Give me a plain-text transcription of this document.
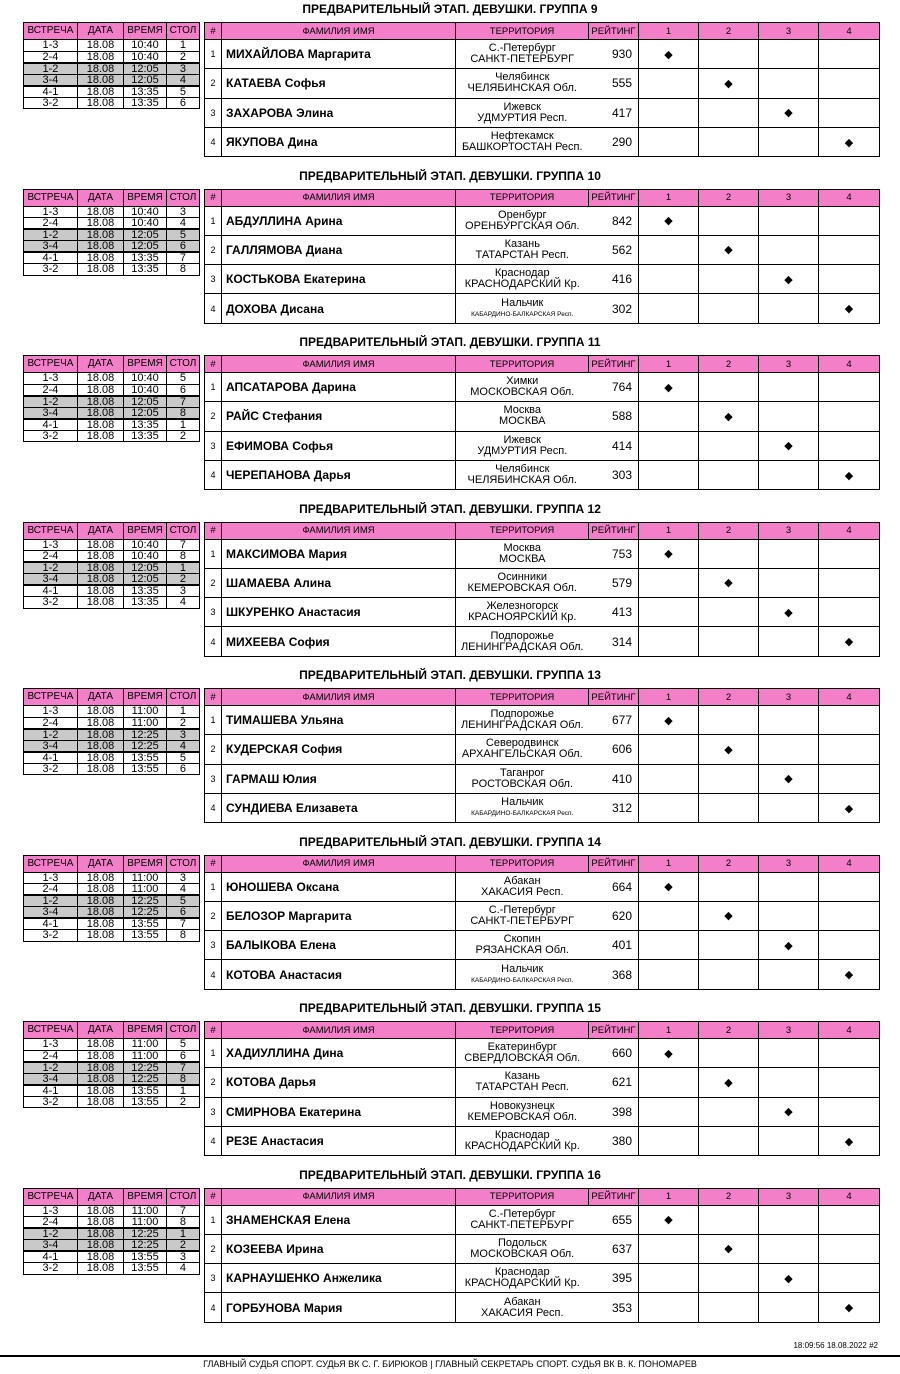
ПРЕДВАРИТЕЛЬНЫЙ ЭТАП. ДЕВУШКИ. ГРУППА 9
ВСТРЕЧА	ДАТА	ВРЕМЯ	СТОЛ
1-3	18.08	10:40	1
2-4	18.08	10:40	2
1-2	18.08	12:05	3
3-4	18.08	12:05	4
4-1	18.08	13:35	5
3-2	18.08	13:35	6
#	ФАМИЛИЯ ИМЯ	ТЕРРИТОРИЯ	РЕЙТИНГ	1	2	3	4
1	МИХАЙЛОВА Маргарита	С.-Петербург
САНКТ-ПЕТЕРБУРГ	930	◆			
2	КАТАЕВА Софья	Челябинск
ЧЕЛЯБИНСКАЯ Обл.	555		◆		
3	ЗАХАРОВА Элина	Ижевск
УДМУРТИЯ Респ.	417			◆	
4	ЯКУПОВА Дина	Нефтекамск
БАШКОРТОСТАН Респ.	290				◆
ПРЕДВАРИТЕЛЬНЫЙ ЭТАП. ДЕВУШКИ. ГРУППА 10
ВСТРЕЧА	ДАТА	ВРЕМЯ	СТОЛ
1-3	18.08	10:40	3
2-4	18.08	10:40	4
1-2	18.08	12:05	5
3-4	18.08	12:05	6
4-1	18.08	13:35	7
3-2	18.08	13:35	8
#	ФАМИЛИЯ ИМЯ	ТЕРРИТОРИЯ	РЕЙТИНГ	1	2	3	4
1	АБДУЛЛИНА Арина	Оренбург
ОРЕНБУРГСКАЯ Обл.	842	◆			
2	ГАЛЛЯМОВА Диана	Казань
ТАТАРСТАН Респ.	562		◆		
3	КОСТЬКОВА Екатерина	Краснодар
КРАСНОДАРСКИЙ Кр.	416			◆	
4	ДОХОВА Дисана	Нальчик
КАБАРДИНО-БАЛКАРСКАЯ Респ.	302				◆
ПРЕДВАРИТЕЛЬНЫЙ ЭТАП. ДЕВУШКИ. ГРУППА 11
ВСТРЕЧА	ДАТА	ВРЕМЯ	СТОЛ
1-3	18.08	10:40	5
2-4	18.08	10:40	6
1-2	18.08	12:05	7
3-4	18.08	12:05	8
4-1	18.08	13:35	1
3-2	18.08	13:35	2
#	ФАМИЛИЯ ИМЯ	ТЕРРИТОРИЯ	РЕЙТИНГ	1	2	3	4
1	АПСАТАРОВА Дарина	Химки
МОСКОВСКАЯ Обл.	764	◆			
2	РАЙС Стефания	Москва
МОСКВА	588		◆		
3	ЕФИМОВА Софья	Ижевск
УДМУРТИЯ Респ.	414			◆	
4	ЧЕРЕПАНОВА Дарья	Челябинск
ЧЕЛЯБИНСКАЯ Обл.	303				◆
ПРЕДВАРИТЕЛЬНЫЙ ЭТАП. ДЕВУШКИ. ГРУППА 12
ВСТРЕЧА	ДАТА	ВРЕМЯ	СТОЛ
1-3	18.08	10:40	7
2-4	18.08	10:40	8
1-2	18.08	12:05	1
3-4	18.08	12:05	2
4-1	18.08	13:35	3
3-2	18.08	13:35	4
#	ФАМИЛИЯ ИМЯ	ТЕРРИТОРИЯ	РЕЙТИНГ	1	2	3	4
1	МАКСИМОВА Мария	Москва
МОСКВА	753	◆			
2	ШАМАЕВА Алина	Осинники
КЕМЕРОВСКАЯ Обл.	579		◆		
3	ШКУРЕНКО Анастасия	Железногорск
КРАСНОЯРСКИЙ Кр.	413			◆	
4	МИХЕЕВА София	Подпорожье
ЛЕНИНГРАДСКАЯ Обл.	314				◆
ПРЕДВАРИТЕЛЬНЫЙ ЭТАП. ДЕВУШКИ. ГРУППА 13
ВСТРЕЧА	ДАТА	ВРЕМЯ	СТОЛ
1-3	18.08	11:00	1
2-4	18.08	11:00	2
1-2	18.08	12:25	3
3-4	18.08	12:25	4
4-1	18.08	13:55	5
3-2	18.08	13:55	6
#	ФАМИЛИЯ ИМЯ	ТЕРРИТОРИЯ	РЕЙТИНГ	1	2	3	4
1	ТИМАШЕВА Ульяна	Подпорожье
ЛЕНИНГРАДСКАЯ Обл.	677	◆			
2	КУДЕРСКАЯ София	Северодвинск
АРХАНГЕЛЬСКАЯ Обл.	606		◆		
3	ГАРМАШ Юлия	Таганрог
РОСТОВСКАЯ Обл.	410			◆	
4	СУНДИЕВА Елизавета	Нальчик
КАБАРДИНО-БАЛКАРСКАЯ Респ.	312				◆
ПРЕДВАРИТЕЛЬНЫЙ ЭТАП. ДЕВУШКИ. ГРУППА 14
ВСТРЕЧА	ДАТА	ВРЕМЯ	СТОЛ
1-3	18.08	11:00	3
2-4	18.08	11:00	4
1-2	18.08	12:25	5
3-4	18.08	12:25	6
4-1	18.08	13:55	7
3-2	18.08	13:55	8
#	ФАМИЛИЯ ИМЯ	ТЕРРИТОРИЯ	РЕЙТИНГ	1	2	3	4
1	ЮНОШЕВА Оксана	Абакан
ХАКАСИЯ Респ.	664	◆			
2	БЕЛОЗОР Маргарита	С.-Петербург
САНКТ-ПЕТЕРБУРГ	620		◆		
3	БАЛЫКОВА Елена	Скопин
РЯЗАНСКАЯ Обл.	401			◆	
4	КОТОВА Анастасия	Нальчик
КАБАРДИНО-БАЛКАРСКАЯ Респ.	368				◆
ПРЕДВАРИТЕЛЬНЫЙ ЭТАП. ДЕВУШКИ. ГРУППА 15
ВСТРЕЧА	ДАТА	ВРЕМЯ	СТОЛ
1-3	18.08	11:00	5
2-4	18.08	11:00	6
1-2	18.08	12:25	7
3-4	18.08	12:25	8
4-1	18.08	13:55	1
3-2	18.08	13:55	2
#	ФАМИЛИЯ ИМЯ	ТЕРРИТОРИЯ	РЕЙТИНГ	1	2	3	4
1	ХАДИУЛЛИНА Дина	Екатеринбург
СВЕРДЛОВСКАЯ Обл.	660	◆			
2	КОТОВА Дарья	Казань
ТАТАРСТАН Респ.	621		◆		
3	СМИРНОВА Екатерина	Новокузнецк
КЕМЕРОВСКАЯ Обл.	398			◆	
4	РЕЗЕ Анастасия	Краснодар
КРАСНОДАРСКИЙ Кр.	380				◆
ПРЕДВАРИТЕЛЬНЫЙ ЭТАП. ДЕВУШКИ. ГРУППА 16
ВСТРЕЧА	ДАТА	ВРЕМЯ	СТОЛ
1-3	18.08	11:00	7
2-4	18.08	11:00	8
1-2	18.08	12:25	1
3-4	18.08	12:25	2
4-1	18.08	13:55	3
3-2	18.08	13:55	4
#	ФАМИЛИЯ ИМЯ	ТЕРРИТОРИЯ	РЕЙТИНГ	1	2	3	4
1	ЗНАМЕНСКАЯ Елена	С.-Петербург
САНКТ-ПЕТЕРБУРГ	655	◆			
2	КОЗЕЕВА Ирина	Подольск
МОСКОВСКАЯ Обл.	637		◆		
3	КАРНАУШЕНКО Анжелика	Краснодар
КРАСНОДАРСКИЙ Кр.	395			◆	
4	ГОРБУНОВА Мария	Абакан
ХАКАСИЯ Респ.	353				◆
18:09:56 18.08.2022 #2
ГЛАВНЫЙ СУДЬЯ СПОРТ. СУДЬЯ ВК С. Г. БИРЮКОВ | ГЛАВНЫЙ СЕКРЕТАРЬ СПОРТ. СУДЬЯ ВК В. К. ПОНОМАРЕВ
